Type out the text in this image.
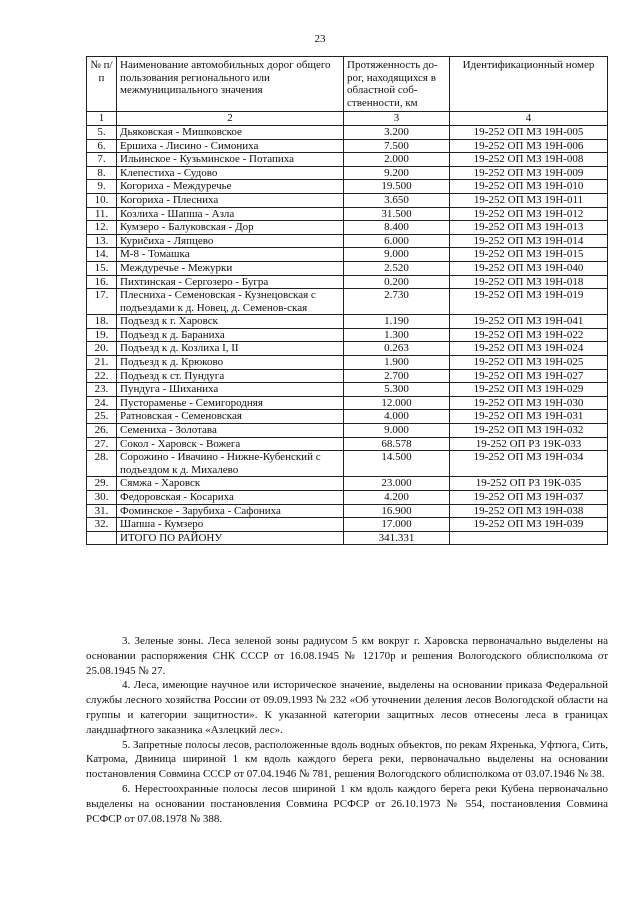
23
№ п/п	Наименование автомобильных дорог общего пользования регионального или межмуниципального значения	Протяженность до-рог, находящихся в областной соб-ственности, км	Идентификационный номер
1	2	3	4
5.	Дьяковская - Мишковское	3.200	19-252 ОП МЗ 19Н-005
6.	Ершиха - Лисино - Симониха	7.500	19-252 ОП МЗ 19Н-006
7.	Ильинское - Кузьминское - Потапиха	2.000	19-252 ОП МЗ 19Н-008
8.	Клепестиха - Судово	9.200	19-252 ОП МЗ 19Н-009
9.	Когориха - Междуречье	19.500	19-252 ОП МЗ 19Н-010
10.	Когориха - Плесниха	3.650	19-252 ОП МЗ 19Н-011
11.	Козлиха - Шапша - Азла	31.500	19-252 ОП МЗ 19Н-012
12.	Кумзеро - Балуковская - Дор	8.400	19-252 ОП МЗ 19Н-013
13.	Куриčиха - Ляпцево	6.000	19-252 ОП МЗ 19Н-014
14.	М-8 - Томашка	9.000	19-252 ОП МЗ 19Н-015
15.	Междуречье - Межурки	2.520	19-252 ОП МЗ 19Н-040
16.	Пихтинская - Сергозеро - Бугра	0.200	19-252 ОП МЗ 19Н-018
17.	Плесниха - Семеновская - Кузнецовская с подъездами к д. Новец, д. Семенов-ская	2.730	19-252 ОП МЗ 19Н-019
18.	Подъезд к г. Харовск	1.190	19-252 ОП МЗ 19Н-041
19.	Подъезд к д. Бараниха	1.300	19-252 ОП МЗ 19Н-022
20.	Подъезд к д. Козлиха I, II	0.263	19-252 ОП МЗ 19Н-024
21.	Подъезд к д. Крюково	1.900	19-252 ОП МЗ 19Н-025
22.	Подъезд к ст. Пундуга	2.700	19-252 ОП МЗ 19Н-027
23.	Пундуга - Шиханиха	5.300	19-252 ОП МЗ 19Н-029
24.	Пустораменье - Семигородняя	12.000	19-252 ОП МЗ 19Н-030
25.	Ратновская - Семеновская	4.000	19-252 ОП МЗ 19Н-031
26.	Семениха - Золотава	9.000	19-252 ОП МЗ 19Н-032
27.	Сокол - Харовск - Вожега	68.578	19-252 ОП РЗ 19К-033
28.	Сорожино - Ивачино - Нижне-Кубенский с подъездом к д. Михалево	14.500	19-252 ОП МЗ 19Н-034
29.	Сямжа - Харовск	23.000	19-252 ОП РЗ 19К-035
30.	Федоровская - Косариха	4.200	19-252 ОП МЗ 19Н-037
31.	Фоминское - Зарубиха - Сафониха	16.900	19-252 ОП МЗ 19Н-038
32.	Шапша - Кумзеро	17.000	19-252 ОП МЗ 19Н-039
	ИТОГО ПО РАЙОНУ	341.331	

3. Зеленые зоны. Леса зеленой зоны радиусом 5 км вокруг г. Харовска первоначально выделены на основании распоряжения СНК СССР от 16.08.1945 № 12170р и решения Вологодского облисполкома от 25.08.1945 № 27.

4. Леса, имеющие научное или историческое значение, выделены на основании приказа Федеральной службы лесного хозяйства России от 09.09.1993 № 232 «Об уточнении деления лесов Вологодской области на группы и категории защитности». К указанной категории защитных лесов отнесены леса в границах ландшафтного заказника «Азлецкий лес».

5. Запретные полосы лесов, расположенные вдоль водных объектов, по рекам Яхренька, Уфтюга, Сить, Катрома, Двиница шириной 1 км вдоль каждого берега реки, первоначально выделены на основании постановления Совмина СССР от 07.04.1946 № 781, решения Вологодского облисполкома от 03.07.1946 № 38.

6. Нерестоохранные полосы лесов шириной 1 км вдоль каждого берега реки Кубена первоначально выделены на основании постановления Совмина РСФСР от 26.10.1973 № 554, постановления Совмина РСФСР от 07.08.1978 № 388.
